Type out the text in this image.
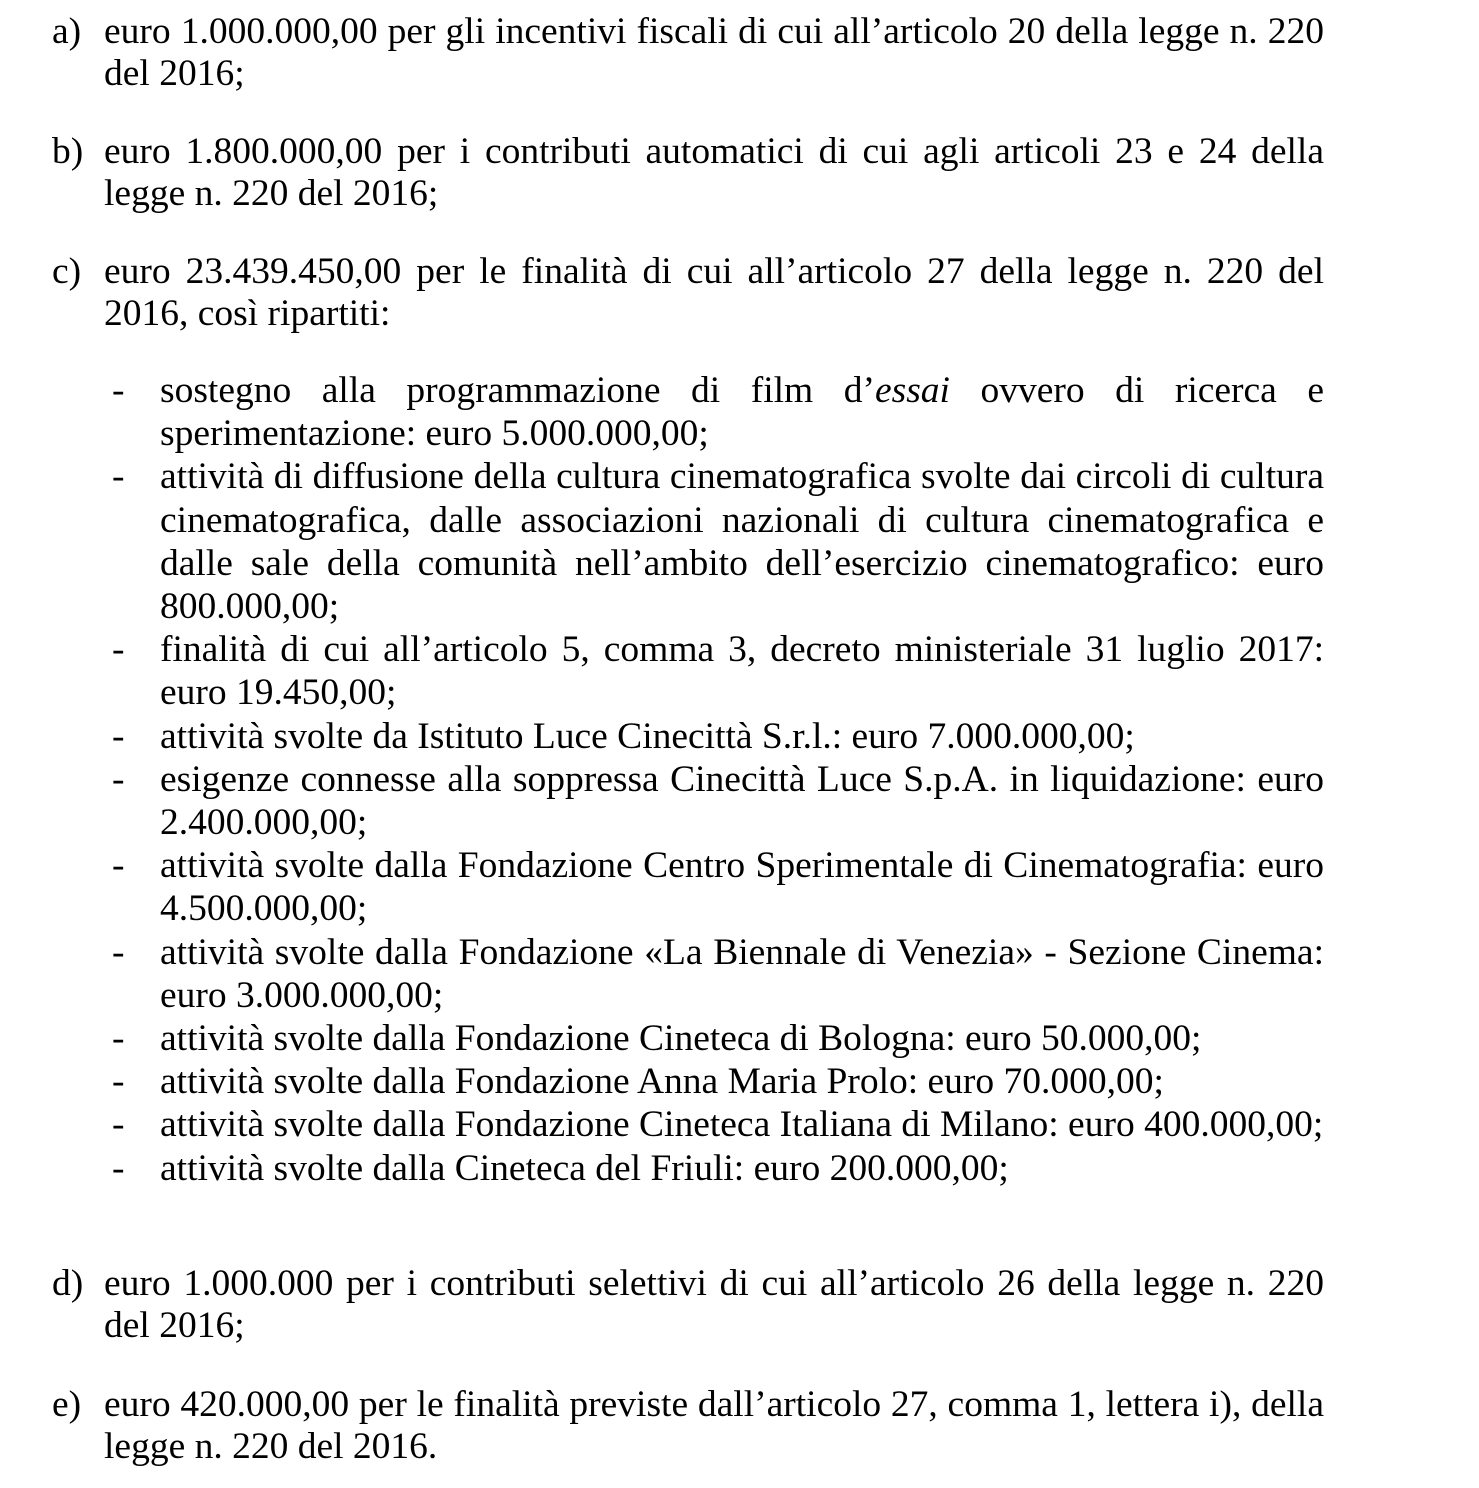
a) euro 1.000.000,00 per gli incentivi fiscali di cui all’articolo 20 della legge n. 220 del 2016;
b) euro 1.800.000,00 per i contributi automatici di cui agli articoli 23 e 24 della legge n. 220 del 2016;
c) euro 23.439.450,00 per le finalità di cui all’articolo 27 della legge n. 220 del 2016, così ripartiti:
- sostegno alla programmazione di film d’essai ovvero di ricerca e sperimentazione: euro 5.000.000,00;
- attività di diffusione della cultura cinematografica svolte dai circoli di cultura cinematografica, dalle associazioni nazionali di cultura cinematografica e dalle sale della comunità nell’ambito dell’esercizio cinematografico: euro 800.000,00;
- finalità di cui all’articolo 5, comma 3, decreto ministeriale 31 luglio 2017: euro 19.450,00;
- attività svolte da Istituto Luce Cinecittà S.r.l.: euro 7.000.000,00;
- esigenze connesse alla soppressa Cinecittà Luce S.p.A. in liquidazione: euro 2.400.000,00;
- attività svolte dalla Fondazione Centro Sperimentale di Cinematografia: euro 4.500.000,00;
- attività svolte dalla Fondazione «La Biennale di Venezia» - Sezione Cinema: euro 3.000.000,00;
- attività svolte dalla Fondazione Cineteca di Bologna: euro 50.000,00;
- attività svolte dalla Fondazione Anna Maria Prolo: euro 70.000,00;
- attività svolte dalla Fondazione Cineteca Italiana di Milano: euro 400.000,00;
- attività svolte dalla Cineteca del Friuli: euro 200.000,00;
d) euro 1.000.000 per i contributi selettivi di cui all’articolo 26 della legge n. 220 del 2016;
e) euro 420.000,00 per le finalità previste dall’articolo 27, comma 1, lettera i), della legge n. 220 del 2016.
